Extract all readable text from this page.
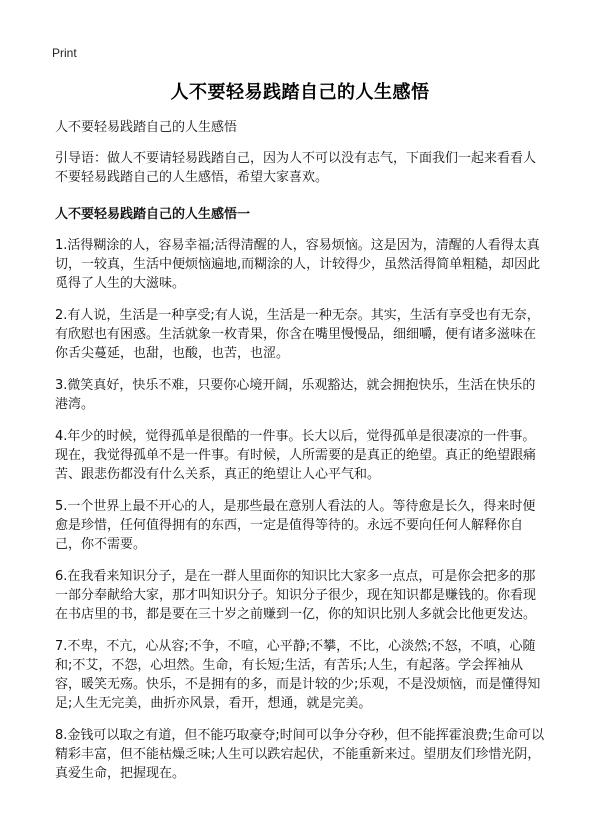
Print
人不要轻易践踏自己的人生感悟

人不要轻易践踏自己的人生感悟

引导语：做人不要请轻易践踏自己，因为人不可以没有志气，下面我们一起来看看人不要轻易践踏自己的人生感悟，希望大家喜欢。

人不要轻易践踏自己的人生感悟一

1.活得糊涂的人，容易幸福;活得清醒的人，容易烦恼。这是因为，清醒的人看得太真切，一较真，生活中便烦恼遍地,而糊涂的人，计较得少，虽然活得简单粗糙，却因此觅得了人生的大滋味。

2.有人说，生活是一种享受;有人说，生活是一种无奈。其实，生活有享受也有无奈，有欣慰也有困惑。生活就象一枚青果，你含在嘴里慢慢品，细细嚼，便有诸多滋味在你舌尖蔓延，也甜，也酸，也苦，也涩。

3.微笑真好，快乐不难，只要你心境开阔，乐观豁达，就会拥抱快乐，生活在快乐的港湾。

4.年少的时候，觉得孤单是很酷的一件事。长大以后，觉得孤单是很凄凉的一件事。现在，我觉得孤单不是一件事。有时候，人所需要的是真正的绝望。真正的绝望跟痛苦、跟悲伤都没有什么关系，真正的绝望让人心平气和。

5.一个世界上最不开心的人，是那些最在意别人看法的人。等待愈是长久，得来时便愈是珍惜，任何值得拥有的东西，一定是值得等待的。永远不要向任何人解释你自己，你不需要。

6.在我看来知识分子，是在一群人里面你的知识比大家多一点点，可是你会把多的那一部分奉献给大家，那才叫知识分子。知识分子很少，现在知识都是赚钱的。你看现在书店里的书，都是要在三十岁之前赚到一亿，你的知识比别人多就会比他更发达。

7.不卑，不亢，心从容;不争，不喧，心平静;不攀，不比，心淡然;不怒，不嗔，心随和;不艾，不怨，心坦然。生命，有长短;生活，有苦乐;人生，有起落。学会挥袖从容，暖笑无殇。快乐，不是拥有的多，而是计较的少;乐观，不是没烦恼，而是懂得知足;人生无完美，曲折亦风景，看开，想通，就是完美。

8.金钱可以取之有道，但不能巧取豪夺;时间可以争分夺秒，但不能挥霍浪费;生命可以精彩丰富，但不能枯燥乏味;人生可以跌宕起伏，不能重新来过。望朋友们珍惜光阴，真爱生命，把握现在。
